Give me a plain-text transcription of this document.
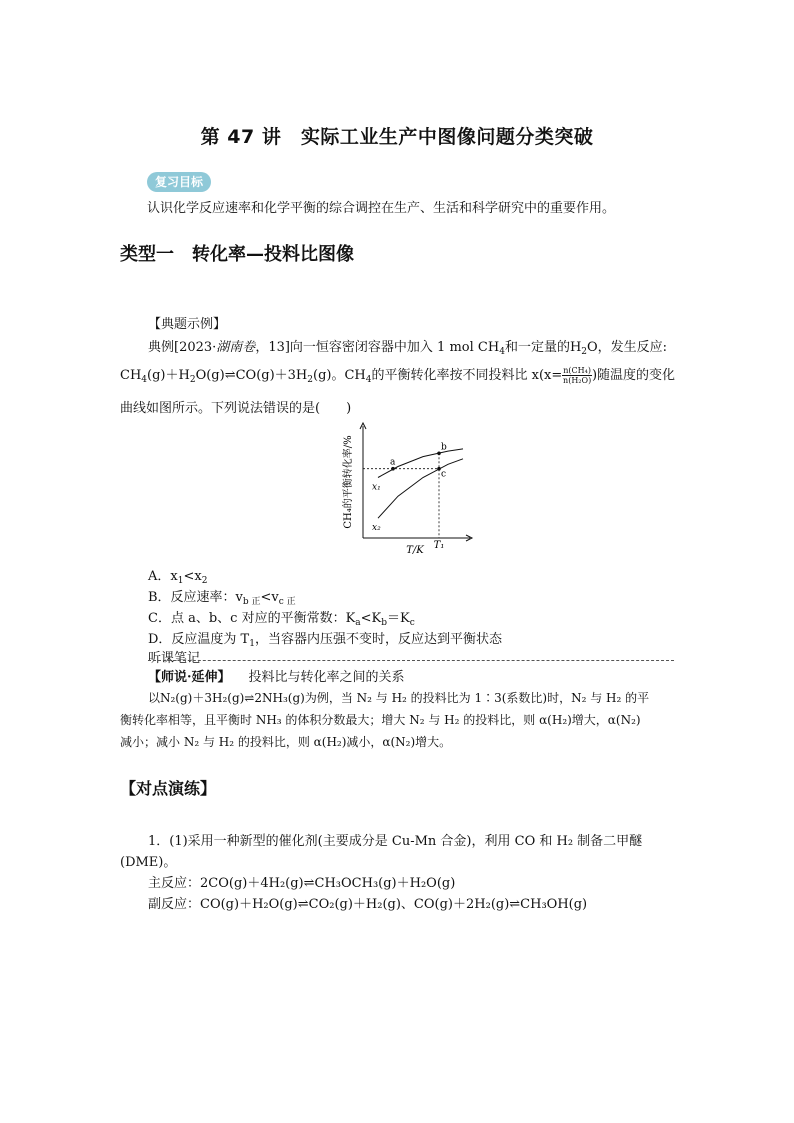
第 47 讲　实际工业生产中图像问题分类突破
复习目标
认识化学反应速率和化学平衡的综合调控在生产、生活和科学研究中的重要作用。
类型一　转化率—投料比图像
【典题示例】
典例[2023·湖南卷，13]向一恒容密闭容器中加入 1 mol $CH_4$和一定量的$H_2O$，发生反应:
$CH_4(g)+H_2O(g)\rightleftharpoons CO(g)+3H_2(g)$。$CH_4$的平衡转化率按不同投料比 $x(x= \frac{\text{n(CH₄)}}{\text{n(H₂O)}}$ )随温度的变化
曲线如图所示。下列说法错误的是(　　)
x₁
x₂
a
b
c
CH₄的平衡转化率/%
T/K T₁
A．$x_1<x_2$
B．反应速率：$v_{b 正}<v_{c 正}$
C．点 a、b、c 对应的平衡常数：$K_a<K_b=K_c$
D．反应温度为 $T_1$，当容器内压强不变时，反应达到平衡状态
听课笔记
【师说·延伸】 投料比与转化率之间的关系
以N₂(g)＋3H₂(g)⇌2NH₃(g)为例，当 N₂ 与 H₂ 的投料比为 1∶3(系数比)时，N₂ 与 H₂ 的平
衡转化率相等，且平衡时 NH₃ 的体积分数最大；增大 N₂ 与 H₂ 的投料比，则 α(H₂)增大，α(N₂)
减小；减小 N₂ 与 H₂ 的投料比，则 α(H₂)减小，α(N₂)增大。
【对点演练】
1．(1)采用一种新型的催化剂(主要成分是 Cu-Mn 合金)，利用 CO 和 H₂ 制备二甲醚
(DME)。
主反应：2CO(g)＋4H₂(g)⇌CH₃OCH₃(g)＋H₂O(g)
副反应：CO(g)＋H₂O(g)⇌CO₂(g)＋H₂(g)、CO(g)＋2H₂(g)⇌CH₃OH(g)
